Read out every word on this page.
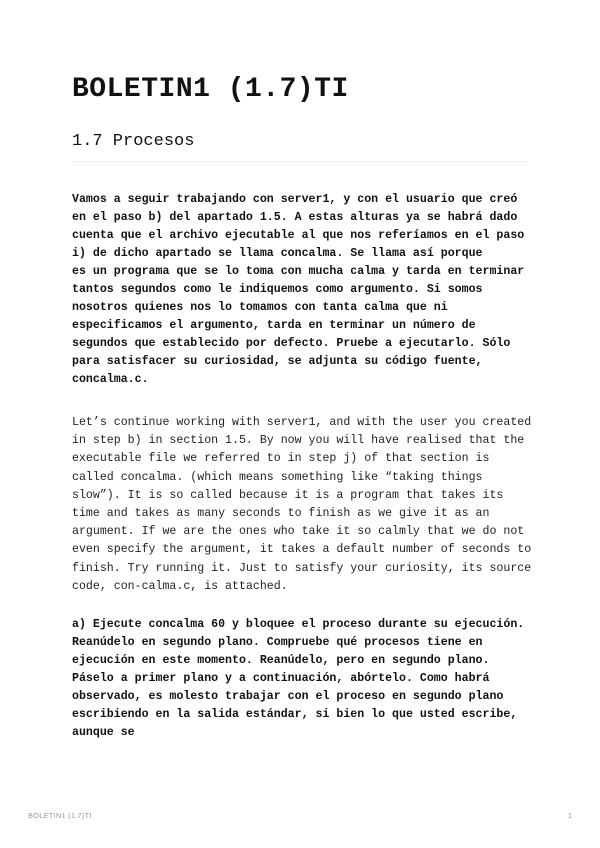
BOLETIN1 (1.7)TI
1.7 Procesos
Vamos a seguir trabajando con server1, y con el usuario que creó en el paso b) del apartado 1.5. A estas alturas ya se habrá dado cuenta que el archivo ejecutable al que nos referíamos en el paso i) de dicho apartado se llama concalma. Se llama así porque
es un programa que se lo toma con mucha calma y tarda en terminar tantos segundos como le indiquemos como argumento. Si somos nosotros quienes nos lo tomamos con tanta calma que ni especificamos el argumento, tarda en terminar un número de segundos que establecido por defecto. Pruebe a ejecutarlo. Sólo para satisfacer su curiosidad, se adjunta su código fuente, concalma.c.

Let’s continue working with server1, and with the user you created in step b) in section 1.5. By now you will have realised that the executable file we referred to in step j) of that section is called concalma. (which means something like “taking things slow”). It is so called because it is a program that takes its time and takes as many seconds to finish as we give it as an argument. If we are the ones who take it so calmly that we do not even specify the argument, it takes a default number of seconds to finish. Try running it. Just to satisfy your curiosity, its source code, con-calma.c, is attached.

a) Ejecute concalma 60 y bloquee el proceso durante su ejecución. Reanúdelo en segundo plano. Compruebe qué procesos tiene en ejecución en este momento. Reanúdelo, pero en segundo plano. Páselo a primer plano y a continuación, abórtelo. Como habrá observado, es molesto trabajar con el proceso en segundo plano escribiendo en la salida estándar, si bien lo que usted escribe, aunque se

BOLETIN1 (1.7)TI	1
